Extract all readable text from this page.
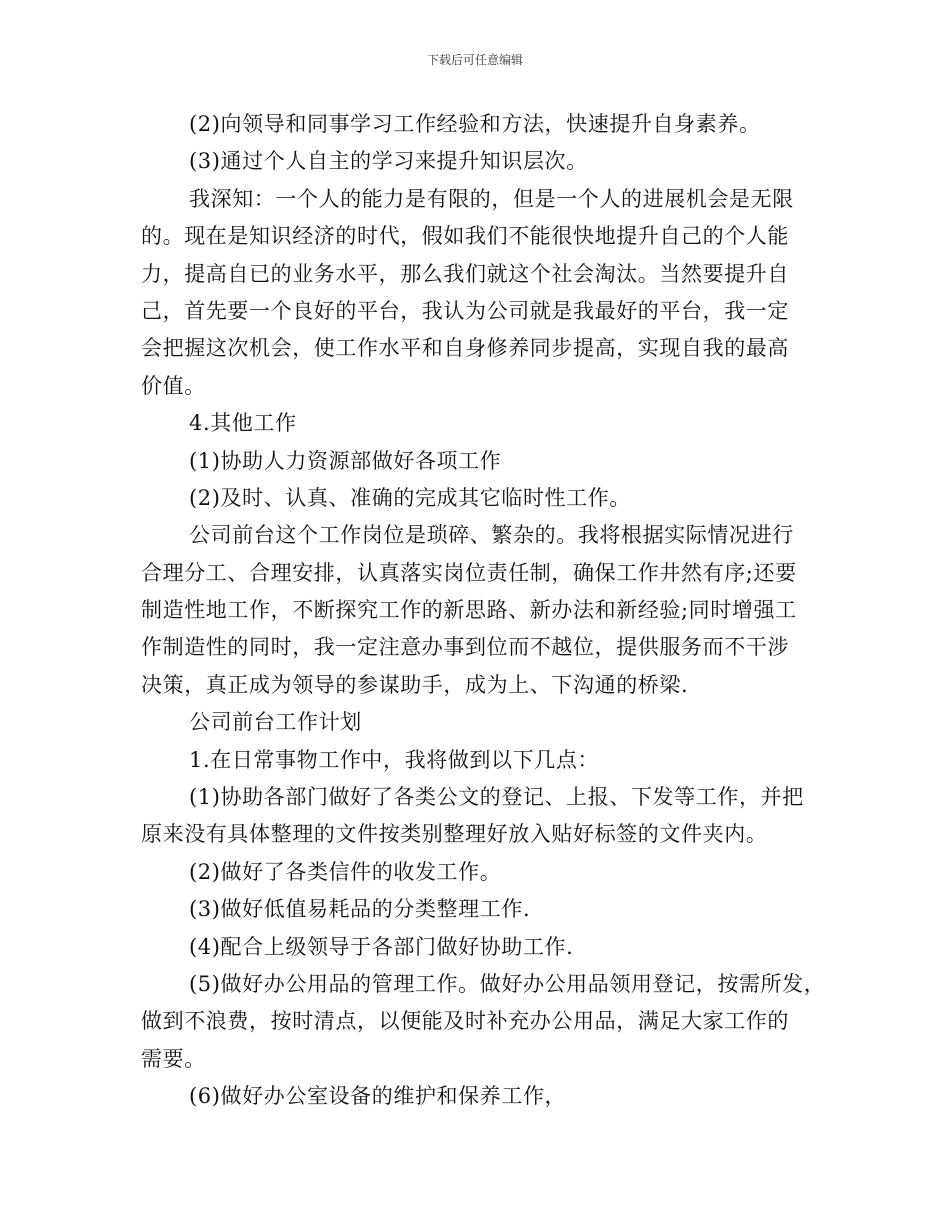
下载后可任意编辑
(2)向领导和同事学习工作经验和方法，快速提升自身素养。
(3)通过个人自主的学习来提升知识层次。
我深知：一个人的能力是有限的，但是一个人的进展机会是无限
的。现在是知识经济的时代，假如我们不能很快地提升自己的个人能
力，提高自已的业务水平，那么我们就这个社会淘汰。当然要提升自
己，首先要一个良好的平台，我认为公司就是我最好的平台，我一定
会把握这次机会，使工作水平和自身修养同步提高，实现自我的最高
价值。
4.其他工作
(1)协助人力资源部做好各项工作
(2)及时、认真、准确的完成其它临时性工作。
公司前台这个工作岗位是琐碎、繁杂的。我将根据实际情况进行
合理分工、合理安排，认真落实岗位责任制，确保工作井然有序;还要
制造性地工作，不断探究工作的新思路、新办法和新经验;同时增强工
作制造性的同时，我一定注意办事到位而不越位，提供服务而不干涉
决策，真正成为领导的参谋助手，成为上、下沟通的桥梁.
公司前台工作计划
1.在日常事物工作中，我将做到以下几点：
(1)协助各部门做好了各类公文的登记、上报、下发等工作，并把
原来没有具体整理的文件按类别整理好放入贴好标签的文件夹内。
(2)做好了各类信件的收发工作。
(3)做好低值易耗品的分类整理工作.
(4)配合上级领导于各部门做好协助工作.
(5)做好办公用品的管理工作。做好办公用品领用登记，按需所发，
做到不浪费，按时清点，以便能及时补充办公用品，满足大家工作的
需要。
(6)做好办公室设备的维护和保养工作，
